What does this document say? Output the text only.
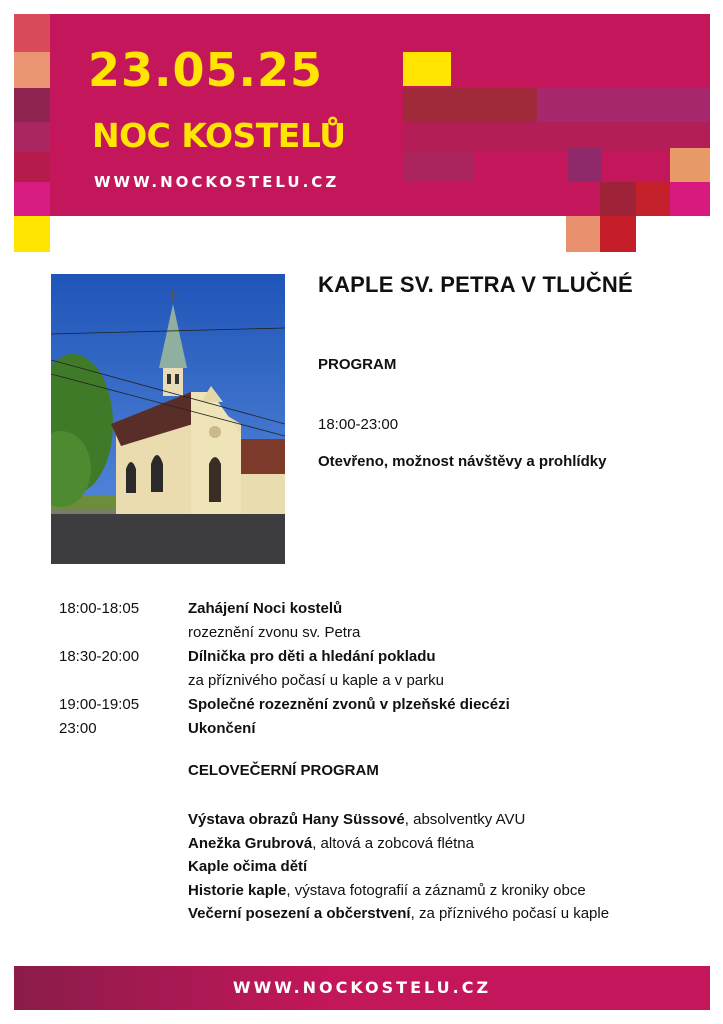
23.05.25
NOC KOSTELŮ
WWW.NOCKOSTELU.CZ
KAPLE SV. PETRA V TLUČNÉ
PROGRAM
18:00-23:00
Otevřeno, možnost návštěvy a prohlídky
18:00-18:05	Zahájení Noci kostelů
rozeznění zvonu sv. Petra
18:30-20:00	Dílnička pro děti a hledání pokladu
za příznivého počasí u kaple a v parku
19:00-19:05	Společné rozeznění zvonů v plzeňské diecézi
23:00	Ukončení
CELOVEČERNÍ PROGRAM
Výstava obrazů Hany Süssové, absolventky AVU
Anežka Grubrová, altová a zobcová flétna
Kaple očima dětí
Historie kaple, výstava fotografií a záznamů z kroniky obce
Večerní posezení a občerstvení, za příznivého počasí u kaple
WWW.NOCKOSTELU.CZ
